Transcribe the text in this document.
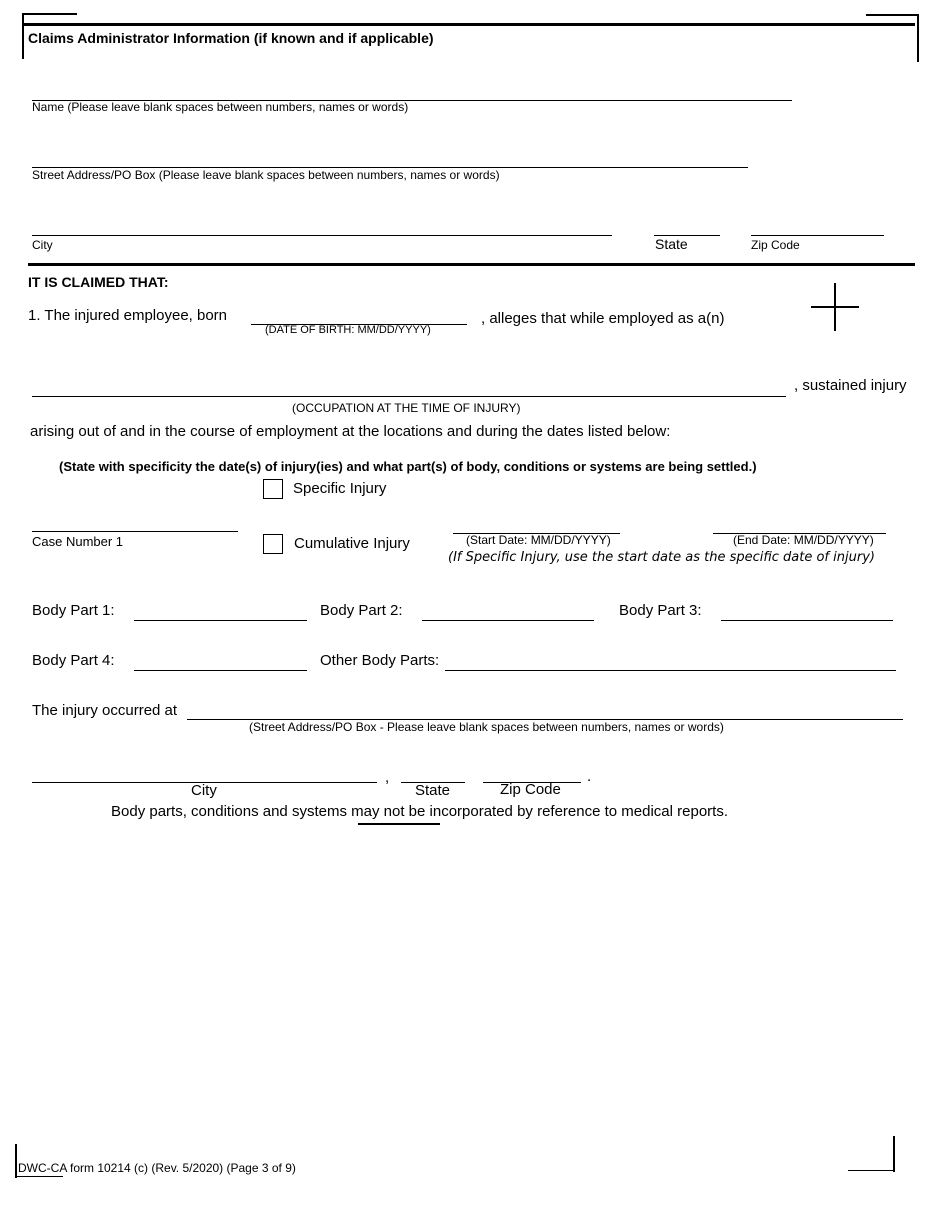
Claims Administrator Information (if known and if applicable)
Name (Please leave blank spaces between numbers, names or words)
Street Address/PO Box (Please leave blank spaces between numbers, names or words)
City	State	Zip Code
IT IS CLAIMED THAT:
1. The injured employee, born
(DATE OF BIRTH: MM/DD/YYYY)
, alleges that while employed as a(n)
, sustained injury
(OCCUPATION AT THE TIME OF INJURY)
arising out of and in the course of employment at the locations and during the dates listed below:
(State with specificity the date(s) of injury(ies) and what part(s) of body, conditions or systems are being settled.)
Specific Injury
Case Number 1	Cumulative Injury	(Start Date: MM/DD/YYYY)	(End Date: MM/DD/YYYY)
(If Specific Injury, use the start date as the specific date of injury)
Body Part 1:	Body Part 2:	Body Part 3:
Body Part 4:	Other Body Parts:
The injury occurred at
(Street Address/PO Box - Please leave blank spaces between numbers, names or words)
City
,
State	Zip Code
.
Body parts, conditions and systems may not be incorporated by reference to medical reports.
DWC-CA form 10214 (c) (Rev. 5/2020) (Page 3 of 9)
